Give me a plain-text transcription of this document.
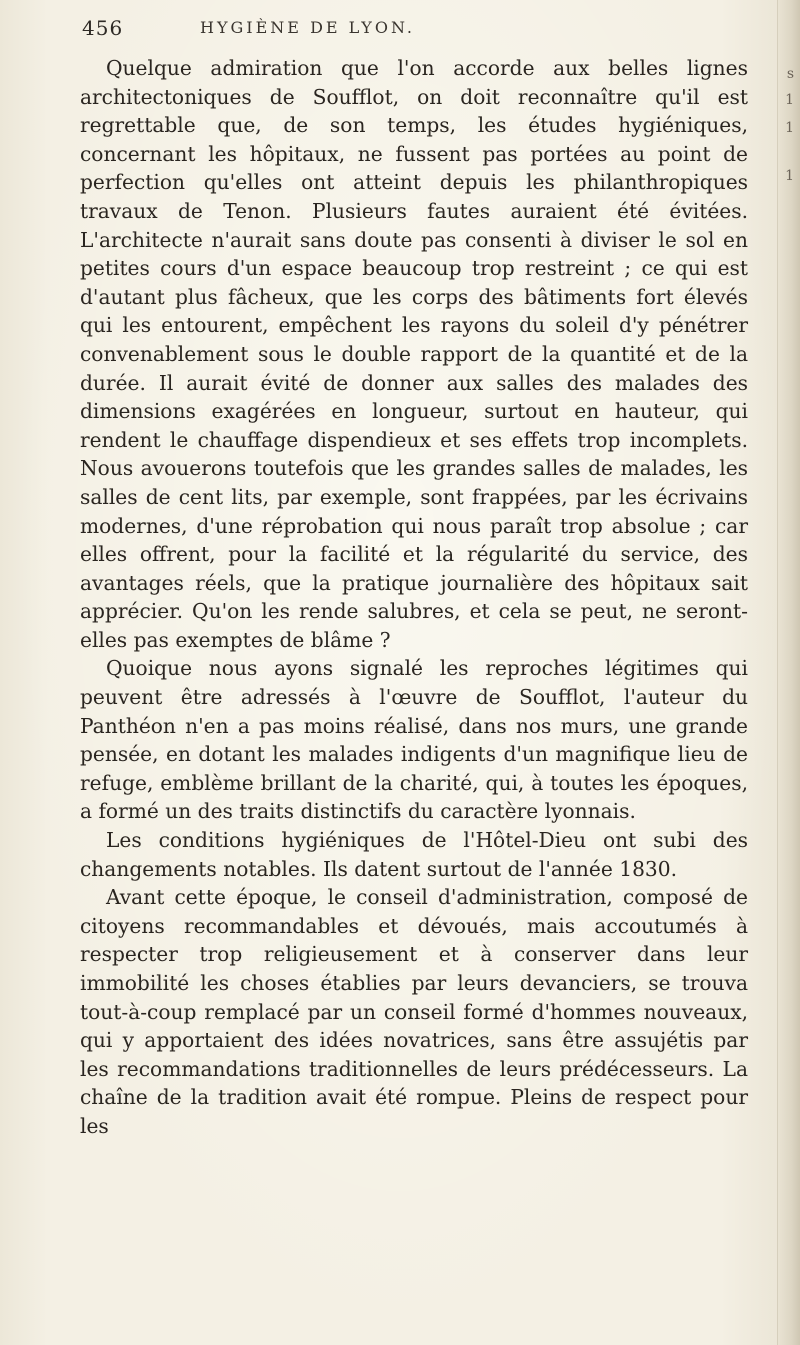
s
1
1
1
456	HYGIÈNE DE LYON.

Quelque admiration que l'on accorde aux belles lignes architectoniques de Soufflot, on doit reconnaître qu'il est regrettable que, de son temps, les études hygiéniques, concernant les hôpitaux, ne fussent pas portées au point de perfection qu'elles ont atteint depuis les philanthropiques travaux de Tenon. Plusieurs fautes auraient été évitées. L'architecte n'aurait sans doute pas consenti à diviser le sol en petites cours d'un espace beaucoup trop restreint ; ce qui est d'autant plus fâcheux, que les corps des bâtiments fort élevés qui les entourent, empêchent les rayons du soleil d'y pénétrer convenablement sous le double rapport de la quantité et de la durée. Il aurait évité de donner aux salles des malades des dimensions exagérées en longueur, surtout en hauteur, qui rendent le chauffage dispendieux et ses effets trop incomplets. Nous avouerons toutefois que les grandes salles de malades, les salles de cent lits, par exemple, sont frappées, par les écrivains modernes, d'une réprobation qui nous paraît trop absolue ; car elles offrent, pour la facilité et la régularité du service, des avantages réels, que la pratique journalière des hôpitaux sait apprécier. Qu'on les rende salubres, et cela se peut, ne seront-elles pas exemptes de blâme ?

Quoique nous ayons signalé les reproches légitimes qui peuvent être adressés à l'œuvre de Soufflot, l'auteur du Panthéon n'en a pas moins réalisé, dans nos murs, une grande pensée, en dotant les malades indigents d'un magnifique lieu de refuge, emblème brillant de la charité, qui, à toutes les époques, a formé un des traits distinctifs du caractère lyonnais.

Les conditions hygiéniques de l'Hôtel-Dieu ont subi des changements notables. Ils datent surtout de l'année 1830.

Avant cette époque, le conseil d'administration, composé de citoyens recommandables et dévoués, mais accoutumés à respecter trop religieusement et à conserver dans leur immobilité les choses établies par leurs devanciers, se trouva tout-à-coup remplacé par un conseil formé d'hommes nouveaux, qui y apportaient des idées novatrices, sans être assujétis par les recommandations traditionnelles de leurs prédécesseurs. La chaîne de la tradition avait été rompue. Pleins de respect pour les
